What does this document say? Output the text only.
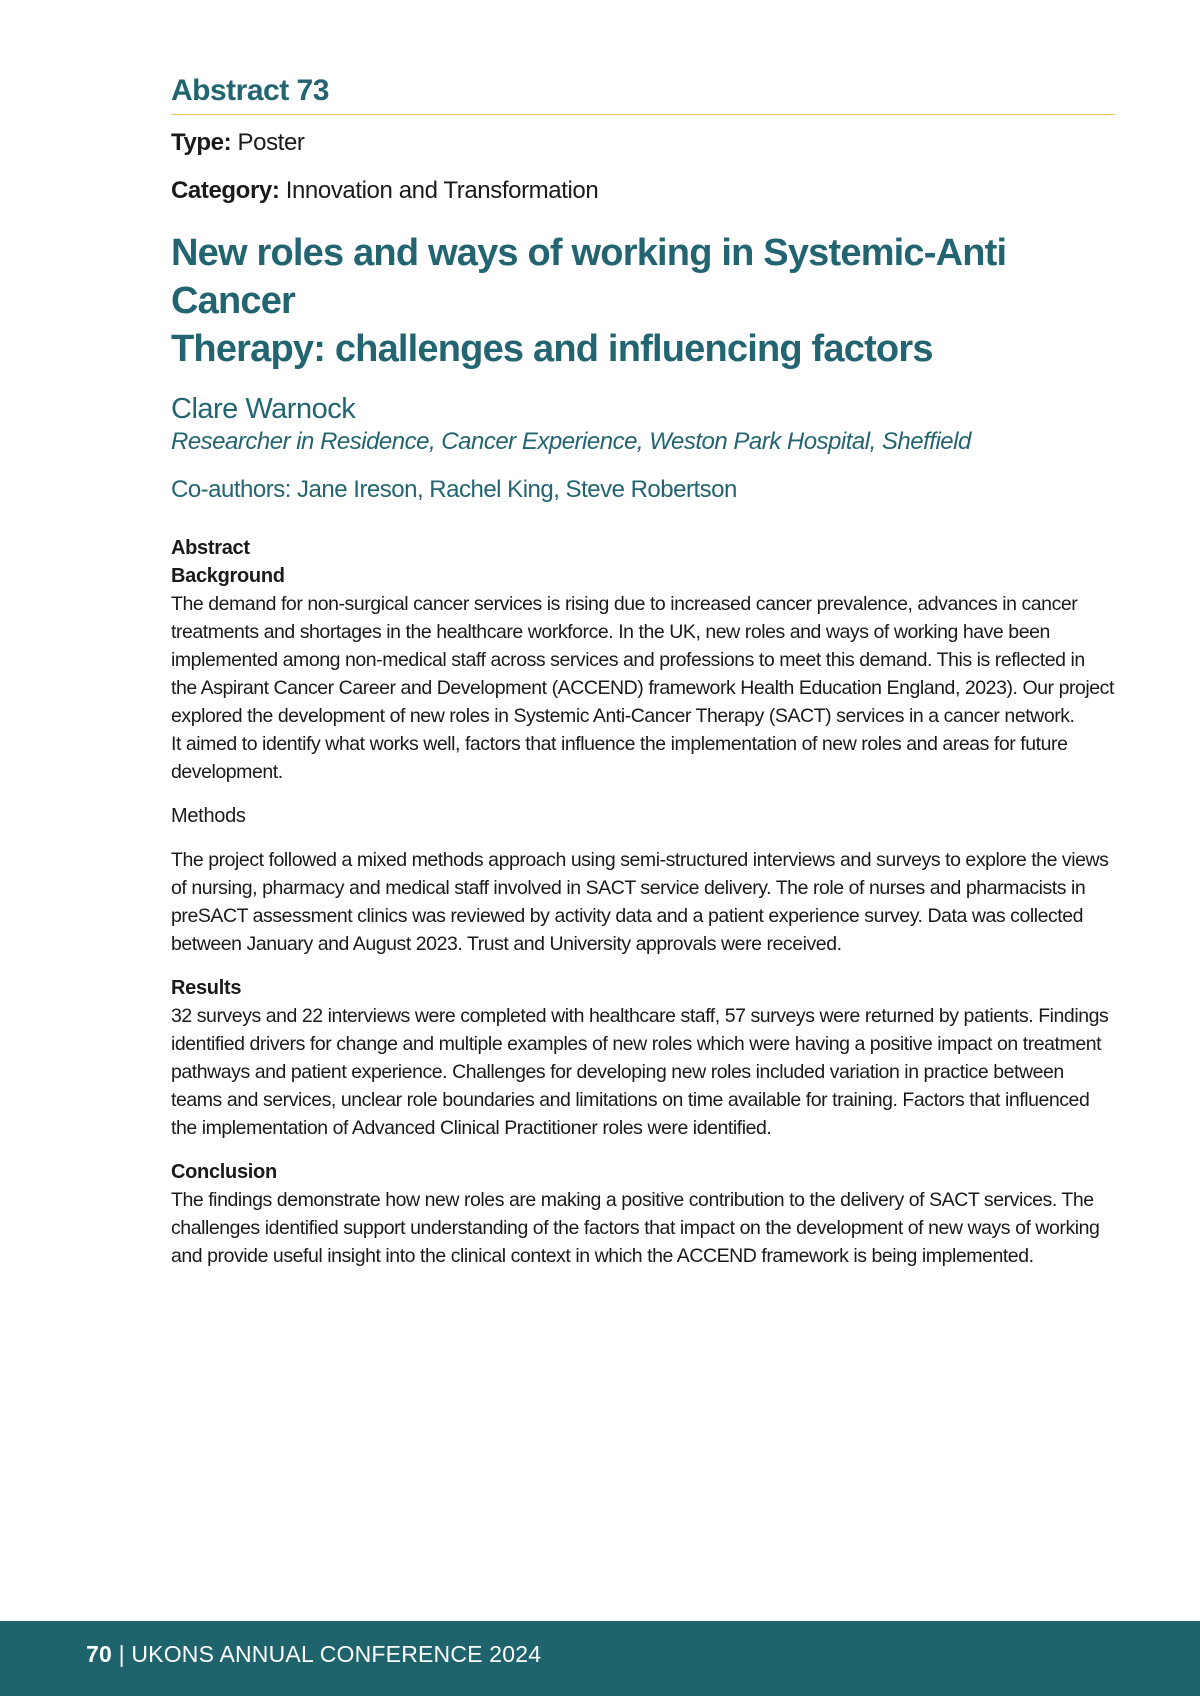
Abstract 73
Type: Poster
Category: Innovation and Transformation
New roles and ways of working in Systemic-Anti Cancer
Therapy: challenges and influencing factors
Clare Warnock
Researcher in Residence, Cancer Experience, Weston Park Hospital, Sheffield
Co-authors: Jane Ireson, Rachel King, Steve Robertson
Abstract
Background

The demand for non-surgical cancer services is rising due to increased cancer prevalence, advances in cancer treatments and shortages in the healthcare workforce. In the UK, new roles and ways of working have been implemented among non-medical staff across services and professions to meet this demand. This is reflected in the Aspirant Cancer Career and Development (ACCEND) framework Health Education England, 2023). Our project explored the development of new roles in Systemic Anti-Cancer Therapy (SACT) services in a cancer network.

It aimed to identify what works well, factors that influence the implementation of new roles and areas for future development.

Methods

The project followed a mixed methods approach using semi-structured interviews and surveys to explore the views of nursing, pharmacy and medical staff involved in SACT service delivery. The role of nurses and pharmacists in preSACT assessment clinics was reviewed by activity data and a patient experience survey. Data was collected between January and August 2023. Trust and University approvals were received.

Results

32 surveys and 22 interviews were completed with healthcare staff, 57 surveys were returned by patients. Findings identified drivers for change and multiple examples of new roles which were having a positive impact on treatment pathways and patient experience. Challenges for developing new roles included variation in practice between teams and services, unclear role boundaries and limitations on time available for training. Factors that influenced the implementation of Advanced Clinical Practitioner roles were identified.

Conclusion

The findings demonstrate how new roles are making a positive contribution to the delivery of SACT services. The challenges identified support understanding of the factors that impact on the development of new ways of working and provide useful insight into the clinical context in which the ACCEND framework is being implemented.

70 | UKONS ANNUAL CONFERENCE 2024
